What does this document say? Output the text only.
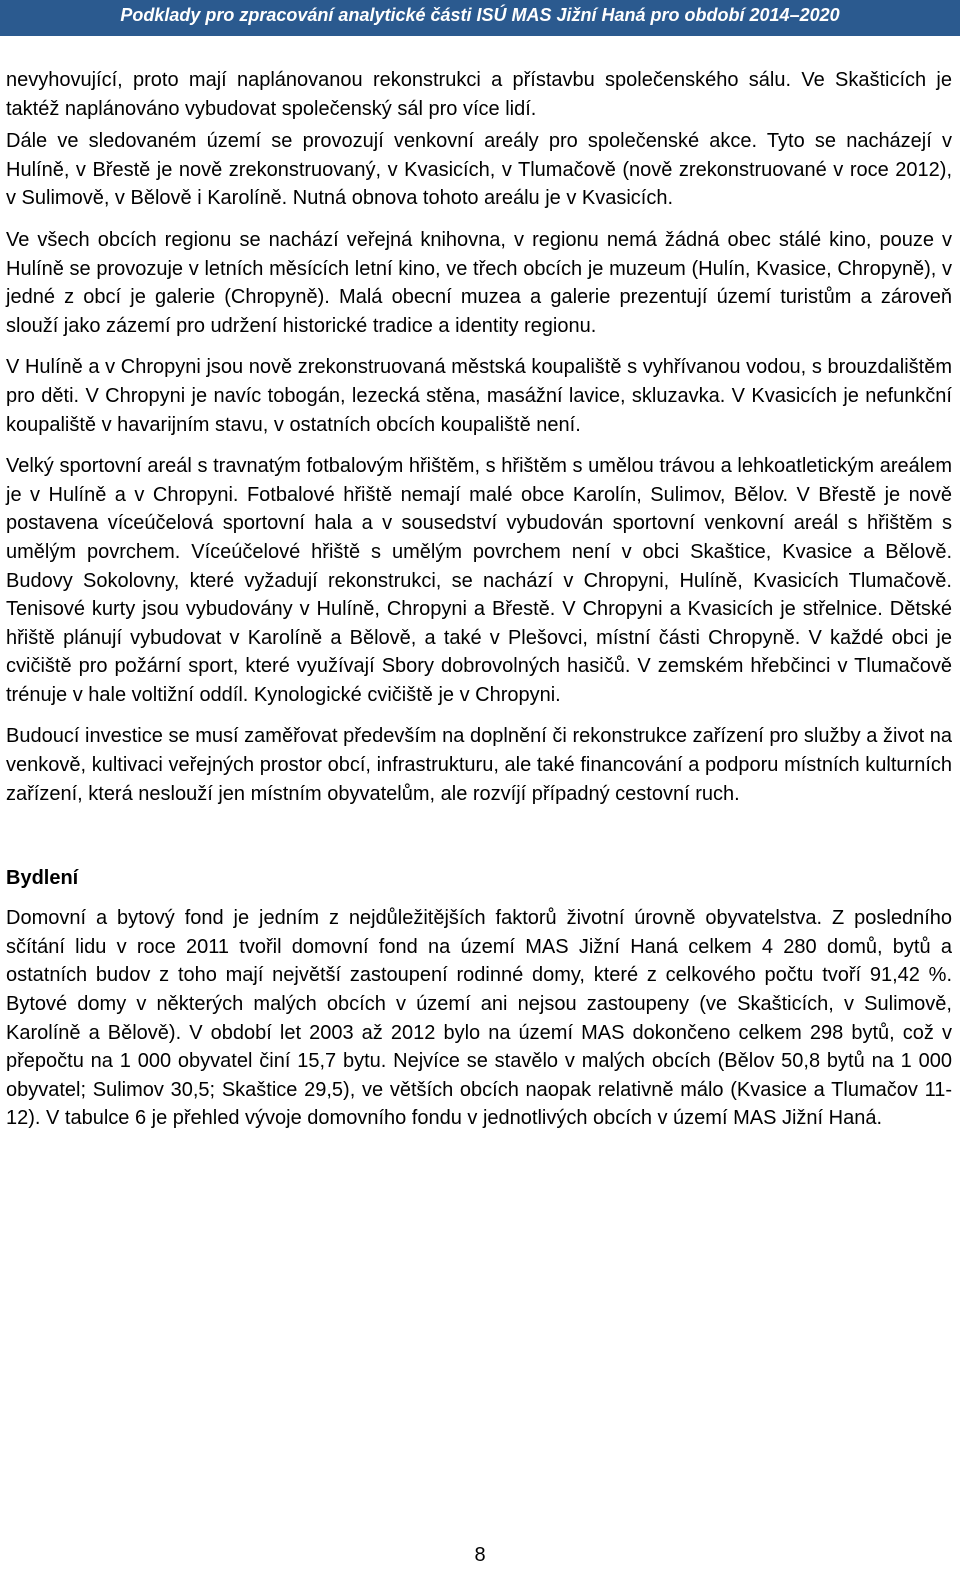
Podklady pro zpracování analytické části ISÚ MAS Jižní Haná pro období 2014–2020

nevyhovující, proto mají naplánovanou rekonstrukci a přístavbu společenského sálu. Ve Skašticích je taktéž naplánováno vybudovat společenský sál pro více lidí.

Dále ve sledovaném území se provozují venkovní areály pro společenské akce. Tyto se nacházejí v Hulíně, v Břestě je nově zrekonstruovaný, v Kvasicích, v Tlumačově (nově zrekonstruované v roce 2012), v Sulimově, v Bělově i Karolíně. Nutná obnova tohoto areálu je v Kvasicích.

Ve všech obcích regionu se nachází veřejná knihovna, v regionu nemá žádná obec stálé kino, pouze v Hulíně se provozuje v letních měsících letní kino, ve třech obcích je muzeum (Hulín, Kvasice, Chropyně), v jedné z obcí je galerie (Chropyně). Malá obecní muzea a galerie prezentují území turistům a zároveň slouží jako zázemí pro udržení historické tradice a identity regionu.

V Hulíně a v Chropyni jsou nově zrekonstruovaná městská koupaliště s vyhřívanou vodou, s brouzdalištěm pro děti. V Chropyni je navíc tobogán, lezecká stěna, masážní lavice, skluzavka. V Kvasicích je nefunkční koupaliště v havarijním stavu, v ostatních obcích koupaliště není.

Velký sportovní areál s travnatým fotbalovým hřištěm, s hřištěm s umělou trávou a lehkoatletickým areálem je v Hulíně a v Chropyni. Fotbalové hřiště nemají malé obce Karolín, Sulimov, Bělov. V Břestě je nově postavena víceúčelová sportovní hala a v sousedství vybudován sportovní venkovní areál s hřištěm s umělým povrchem. Víceúčelové hřiště s umělým povrchem není v obci Skaštice, Kvasice a Bělově. Budovy Sokolovny, které vyžadují rekonstrukci, se nachází v Chropyni, Hulíně, Kvasicích Tlumačově. Tenisové kurty jsou vybudovány v Hulíně, Chropyni a Břestě. V Chropyni a Kvasicích je střelnice. Dětské hřiště plánují vybudovat v Karolíně a Bělově, a také v Plešovci, místní části Chropyně. V každé obci je cvičiště pro požární sport, které využívají Sbory dobrovolných hasičů. V zemském hřebčinci v Tlumačově trénuje v hale voltižní oddíl. Kynologické cvičiště je v Chropyni.

Budoucí investice se musí zaměřovat především na doplnění či rekonstrukce zařízení pro služby a život na venkově, kultivaci veřejných prostor obcí, infrastrukturu, ale také financování a podporu místních kulturních zařízení, která neslouží jen místním obyvatelům, ale rozvíjí případný cestovní ruch.

Bydlení

Domovní a bytový fond je jedním z nejdůležitějších faktorů životní úrovně obyvatelstva. Z posledního sčítání lidu v roce 2011 tvořil domovní fond na území MAS Jižní Haná celkem 4 280 domů, bytů a ostatních budov z toho mají největší zastoupení rodinné domy, které z celkového počtu tvoří 91,42 %. Bytové domy v některých malých obcích v území ani nejsou zastoupeny (ve Skašticích, v Sulimově, Karolíně a Bělově). V období let 2003 až 2012 bylo na území MAS dokončeno celkem 298 bytů, což v přepočtu na 1 000 obyvatel činí 15,7 bytu. Nejvíce se stavělo v malých obcích (Bělov 50,8 bytů na 1 000 obyvatel; Sulimov 30,5; Skaštice 29,5), ve větších obcích naopak relativně málo (Kvasice a Tlumačov 11-12). V tabulce 6 je přehled vývoje domovního fondu v jednotlivých obcích v území MAS Jižní Haná.

8
